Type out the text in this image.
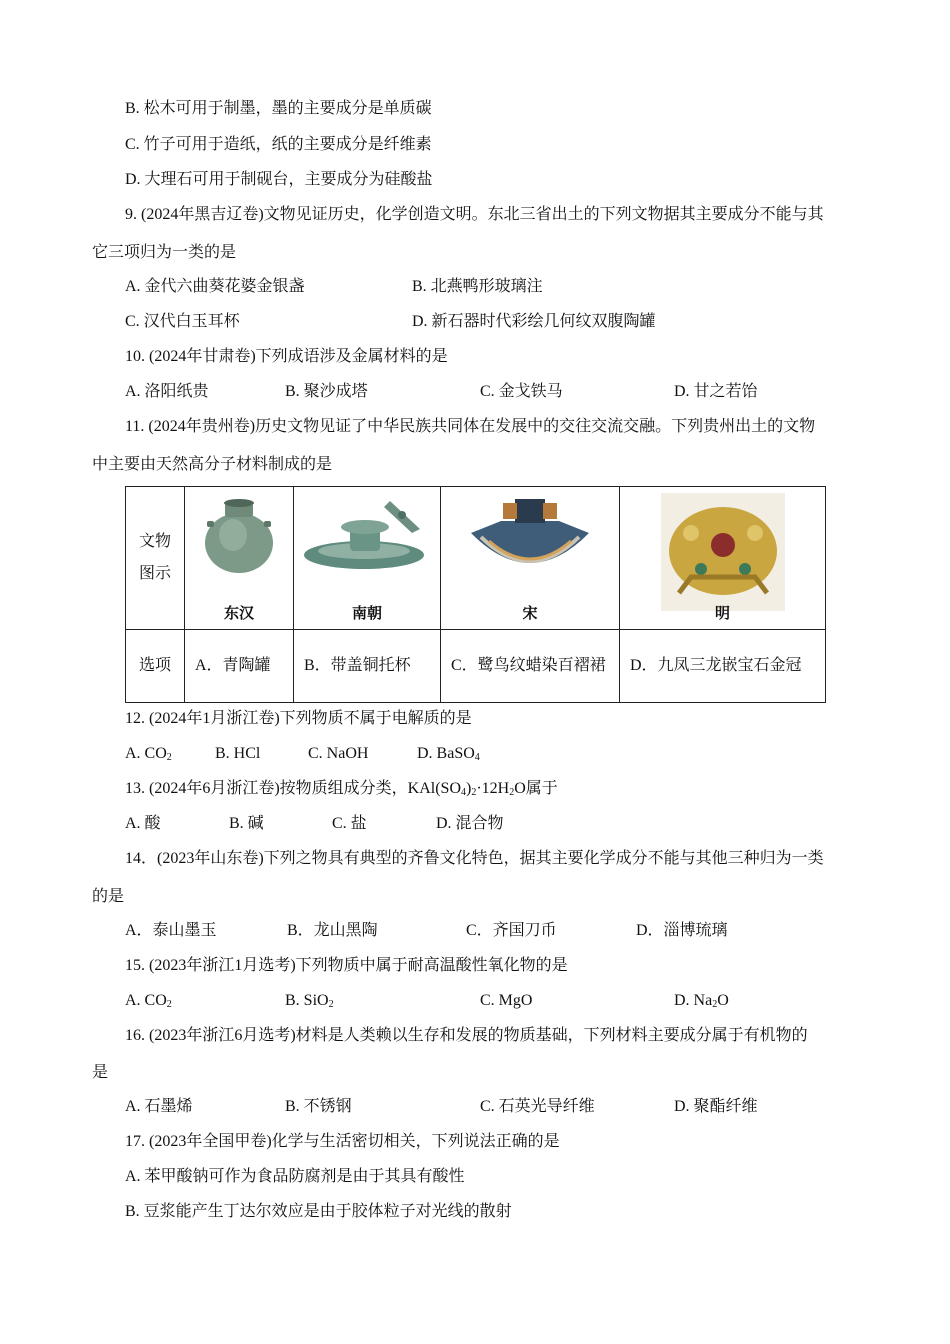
B. 松木可用于制墨，墨的主要成分是单质碳
C. 竹子可用于造纸，纸的主要成分是纤维素
D. 大理石可用于制砚台，主要成分为硅酸盐
9. (2024年黑吉辽卷)文物见证历史，化学创造文明。东北三省出土的下列文物据其主要成分不能与其
它三项归为一类的是
A. 金代六曲葵花婆金银盏	B. 北燕鸭形玻璃注
C. 汉代白玉耳杯	D. 新石器时代彩绘几何纹双腹陶罐
10. (2024年甘肃卷)下列成语涉及金属材料的是
A. 洛阳纸贵	B. 聚沙成塔	C. 金戈铁马	D. 甘之若饴
11. (2024年贵州卷)历史文物见证了中华民族共同体在发展中的交往交流交融。下列贵州出土的文物
中主要由天然高分子材料制成的是
文物
图示	东汉	南朝	宋	明

选项	A．青陶罐	B．带盖铜托杯	C．鹭鸟纹蜡染百褶裙	D．九凤三龙嵌宝石金冠
12. (2024年1月浙江卷)下列物质不属于电解质的是
A. $CO_2$	B. HCl	C. NaOH	D. BaSO$_4$
13. (2024年6月浙江卷)按物质组成分类，$KAl(SO_4)_2\cdot 12H_2O$属于
A. 酸	B. 碱	C. 盐	D. 混合物
14．(2023年山东卷)下列之物具有典型的齐鲁文化特色，据其主要化学成分不能与其他三种归为一类
的是
A．泰山墨玉	B．龙山黑陶	C．齐国刀币	D．淄博琉璃
15. (2023年浙江1月选考)下列物质中属于耐高温酸性氧化物的是
A. $CO_2$	B. SiO$_2$	C. MgO	D. $Na_2O$
16. (2023年浙江6月选考)材料是人类赖以生存和发展的物质基础，下列材料主要成分属于有机物的
是
A. 石墨烯	B. 不锈钢	C. 石英光导纤维	D. 聚酯纤维
17. (2023年全国甲卷)化学与生活密切相关，下列说法正确的是
A. 苯甲酸钠可作为食品防腐剂是由于其具有酸性
B. 豆浆能产生丁达尔效应是由于胶体粒子对光线的散射
